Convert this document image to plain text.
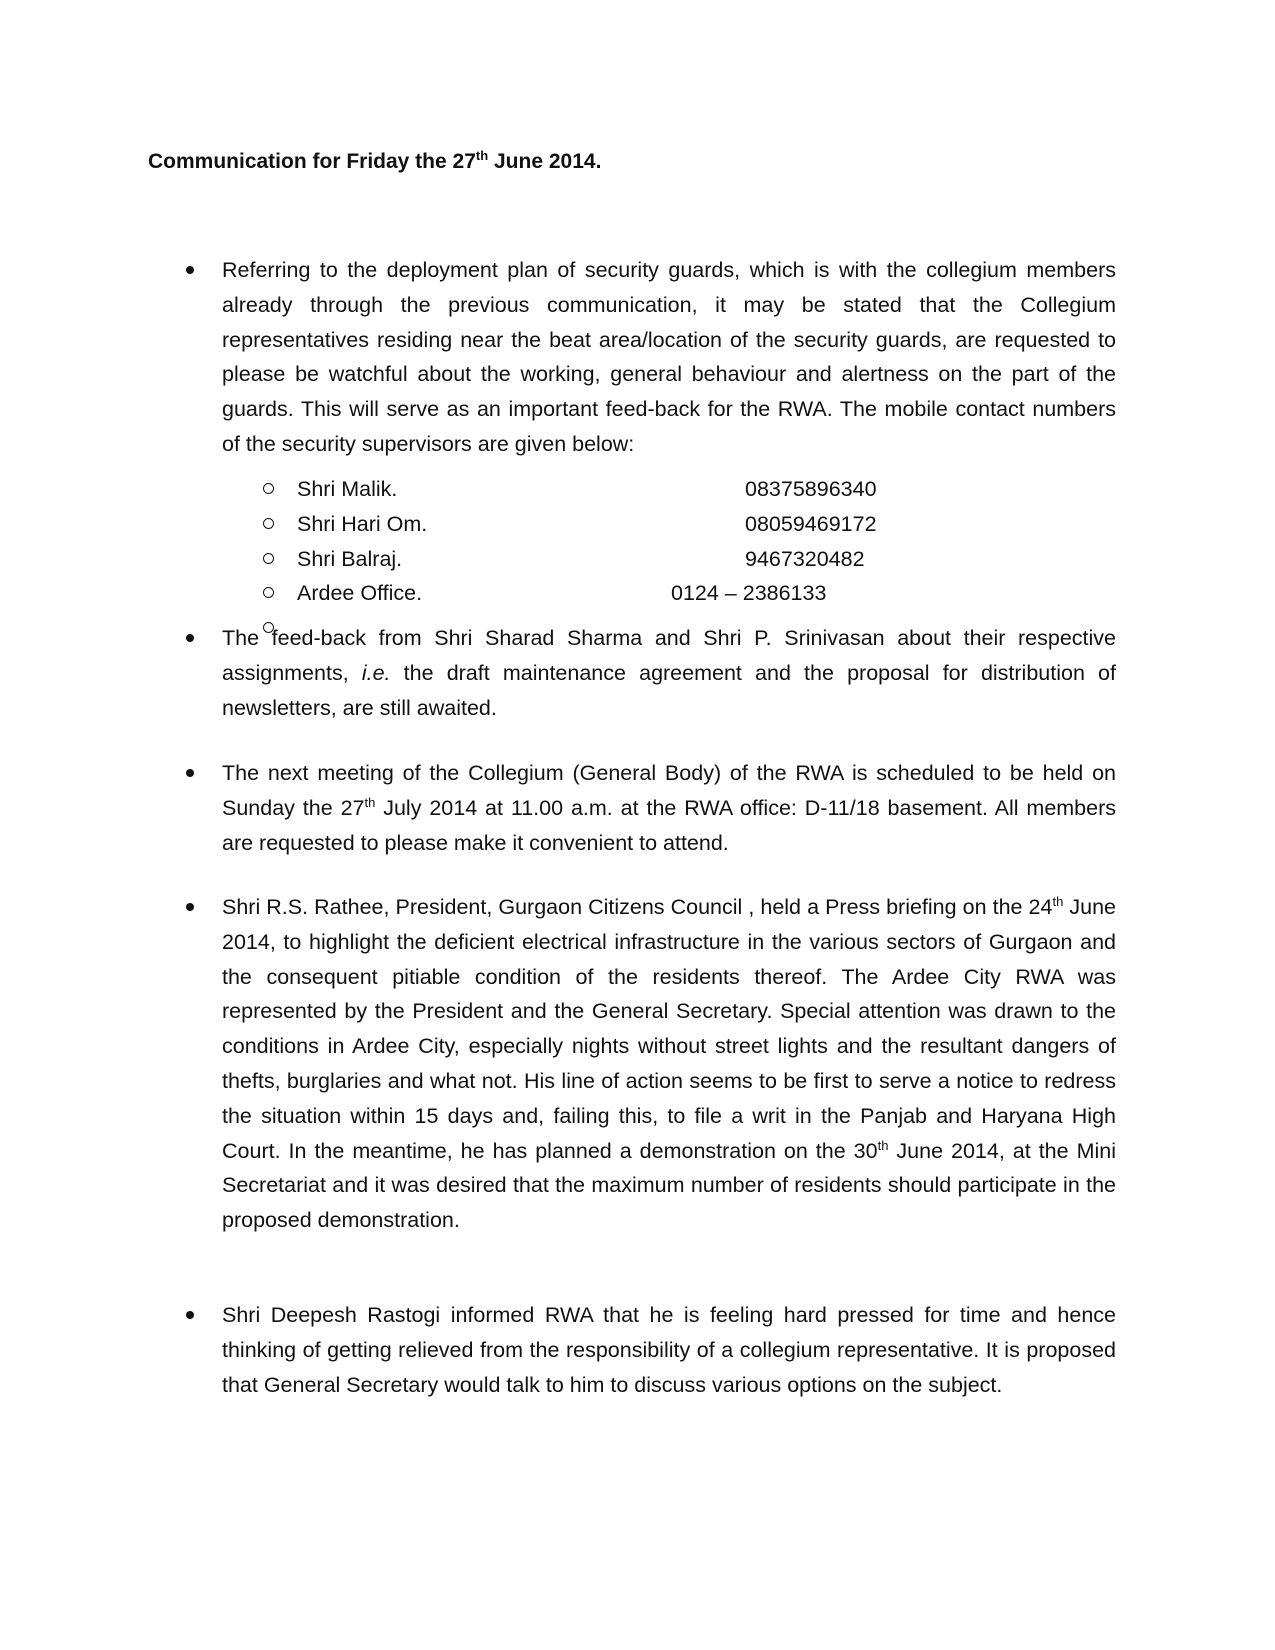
Communication for Friday the 27th June 2014.
Referring to the deployment plan of security guards, which is with the collegium members already through the previous communication, it may be stated that the Collegium representatives residing near the beat area/location of the security guards, are requested to please be watchful about the working, general behaviour and alertness on the part of the guards. This will serve as an important feed-back for the RWA. The mobile contact numbers of the security supervisors are given below:
Shri Malik.	08375896340
Shri Hari Om.	08059469172
Shri Balraj.	9467320482
Ardee Office.	0124 – 2386133
The feed-back from Shri Sharad Sharma and Shri P. Srinivasan about their respective assignments, i.e. the draft maintenance agreement and the proposal for distribution of newsletters, are still awaited.
The next meeting of the Collegium (General Body) of the RWA is scheduled to be held on Sunday the 27th July 2014 at 11.00 a.m. at the RWA office: D-11/18 basement. All members are requested to please make it convenient to attend.
Shri R.S. Rathee, President, Gurgaon Citizens Council , held a Press briefing on the 24th June 2014, to highlight the deficient electrical infrastructure in the various sectors of Gurgaon and the consequent pitiable condition of the residents thereof. The Ardee City RWA was represented by the President and the General Secretary. Special attention was drawn to the conditions in Ardee City, especially nights without street lights and the resultant dangers of thefts, burglaries and what not. His line of action seems to be first to serve a notice to redress the situation within 15 days and, failing this, to file a writ in the Panjab and Haryana High Court. In the meantime, he has planned a demonstration on the 30th June 2014, at the Mini Secretariat and it was desired that the maximum number of residents should participate in the proposed demonstration.
Shri Deepesh Rastogi informed RWA that he is feeling hard pressed for time and hence thinking of getting relieved from the responsibility of a collegium representative. It is proposed that General Secretary would talk to him to discuss various options on the subject.
